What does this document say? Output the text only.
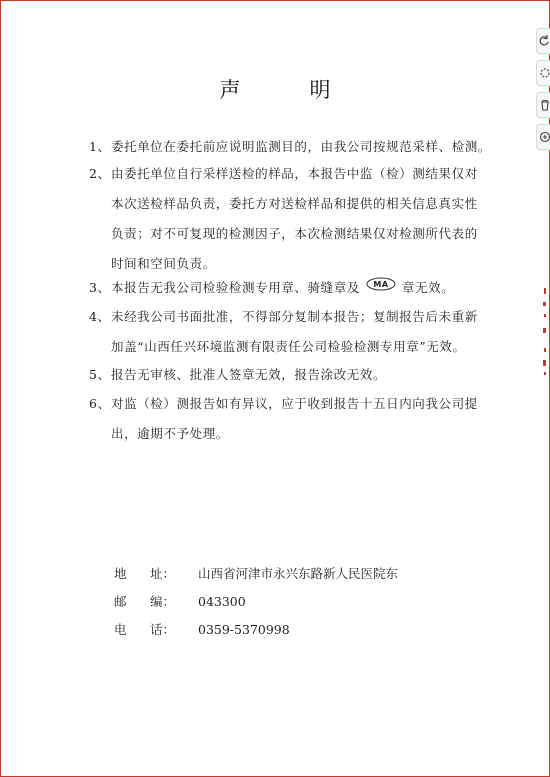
声　明
1、委托单位在委托前应说明监测目的，由我公司按规范采样、检测。
2、由委托单位自行采样送检的样品，本报告中监（检）测结果仅对
本次送检样品负责，委托方对送检样品和提供的相关信息真实性
负责；对不可复现的检测因子，本次检测结果仅对检测所代表的
时间和空间负责。
3、本报告无我公司检验检测专用章、骑缝章及 MA 章无效。
4、未经我公司书面批准，不得部分复制本报告；复制报告后未重新
加盖“山西任兴环境监测有限责任公司检验检测专用章”无效。
5、报告无审核、批准人签章无效，报告涂改无效。
6、对监（检）测报告如有异议，应于收到报告十五日内向我公司提
出，逾期不予处理。
地 址： 山西省河津市永兴东路新人民医院东
邮 编： 043300
电 话： 0359-5370998
